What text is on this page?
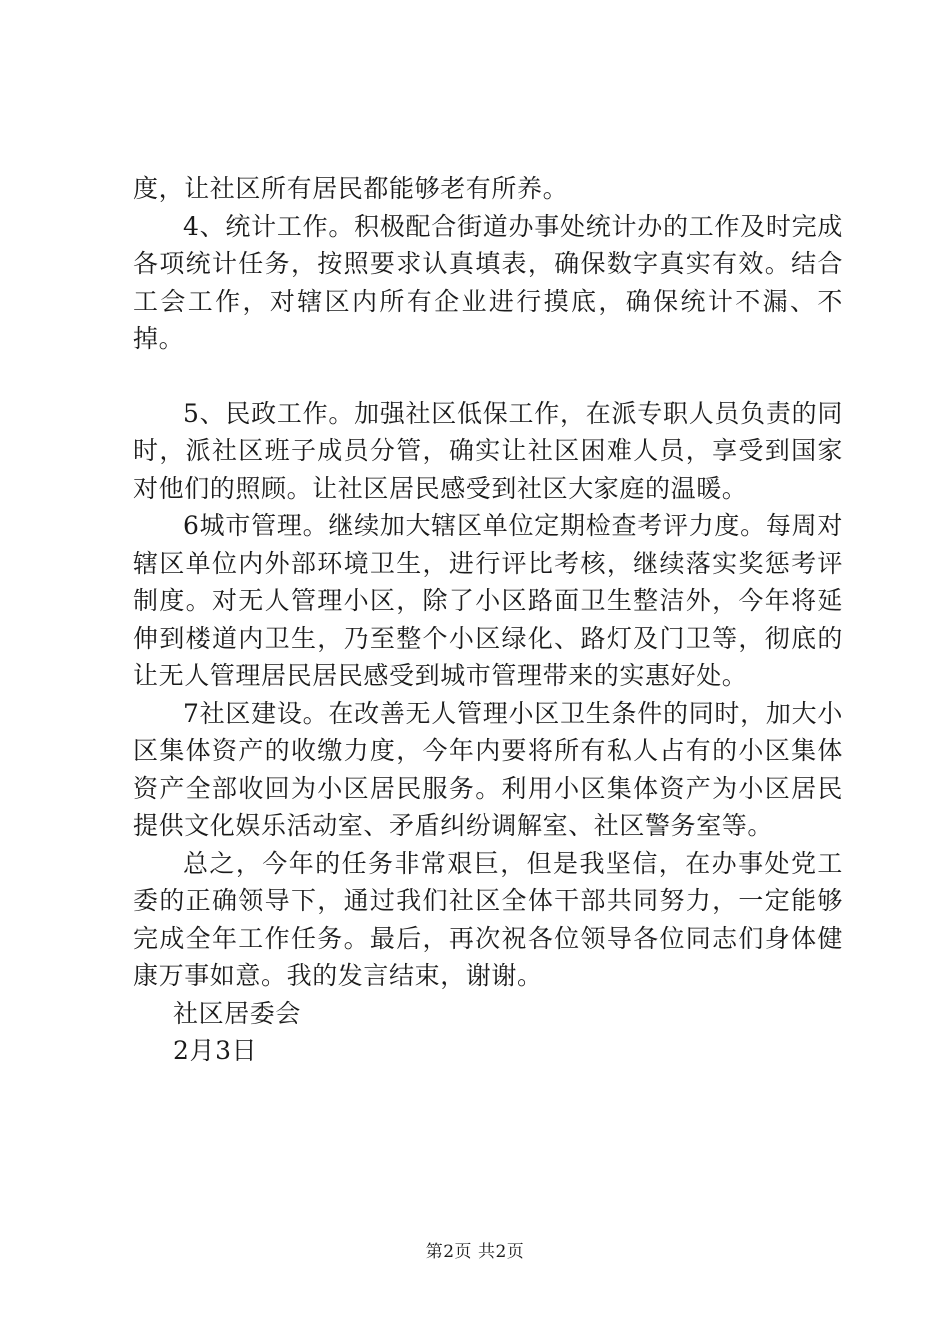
度，让社区所有居民都能够老有所养。

4、统计工作。积极配合街道办事处统计办的工作及时完成各项统计任务，按照要求认真填表，确保数字真实有效。结合工会工作，对辖区内所有企业进行摸底，确保统计不漏、不掉。

5、民政工作。加强社区低保工作，在派专职人员负责的同时，派社区班子成员分管，确实让社区困难人员，享受到国家对他们的照顾。让社区居民感受到社区大家庭的温暖。

6城市管理。继续加大辖区单位定期检查考评力度。每周对辖区单位内外部环境卫生，进行评比考核，继续落实奖惩考评制度。对无人管理小区，除了小区路面卫生整洁外，今年将延伸到楼道内卫生，乃至整个小区绿化、路灯及门卫等，彻底的让无人管理居民居民感受到城市管理带来的实惠好处。

7社区建设。在改善无人管理小区卫生条件的同时，加大小区集体资产的收缴力度，今年内要将所有私人占有的小区集体资产全部收回为小区居民服务。利用小区集体资产为小区居民提供文化娱乐活动室、矛盾纠纷调解室、社区警务室等。

总之，今年的任务非常艰巨，但是我坚信，在办事处党工委的正确领导下，通过我们社区全体干部共同努力，一定能够完成全年工作任务。最后，再次祝各位领导各位同志们身体健康万事如意。我的发言结束，谢谢。

社区居委会

2月3日

第2页 共2页
